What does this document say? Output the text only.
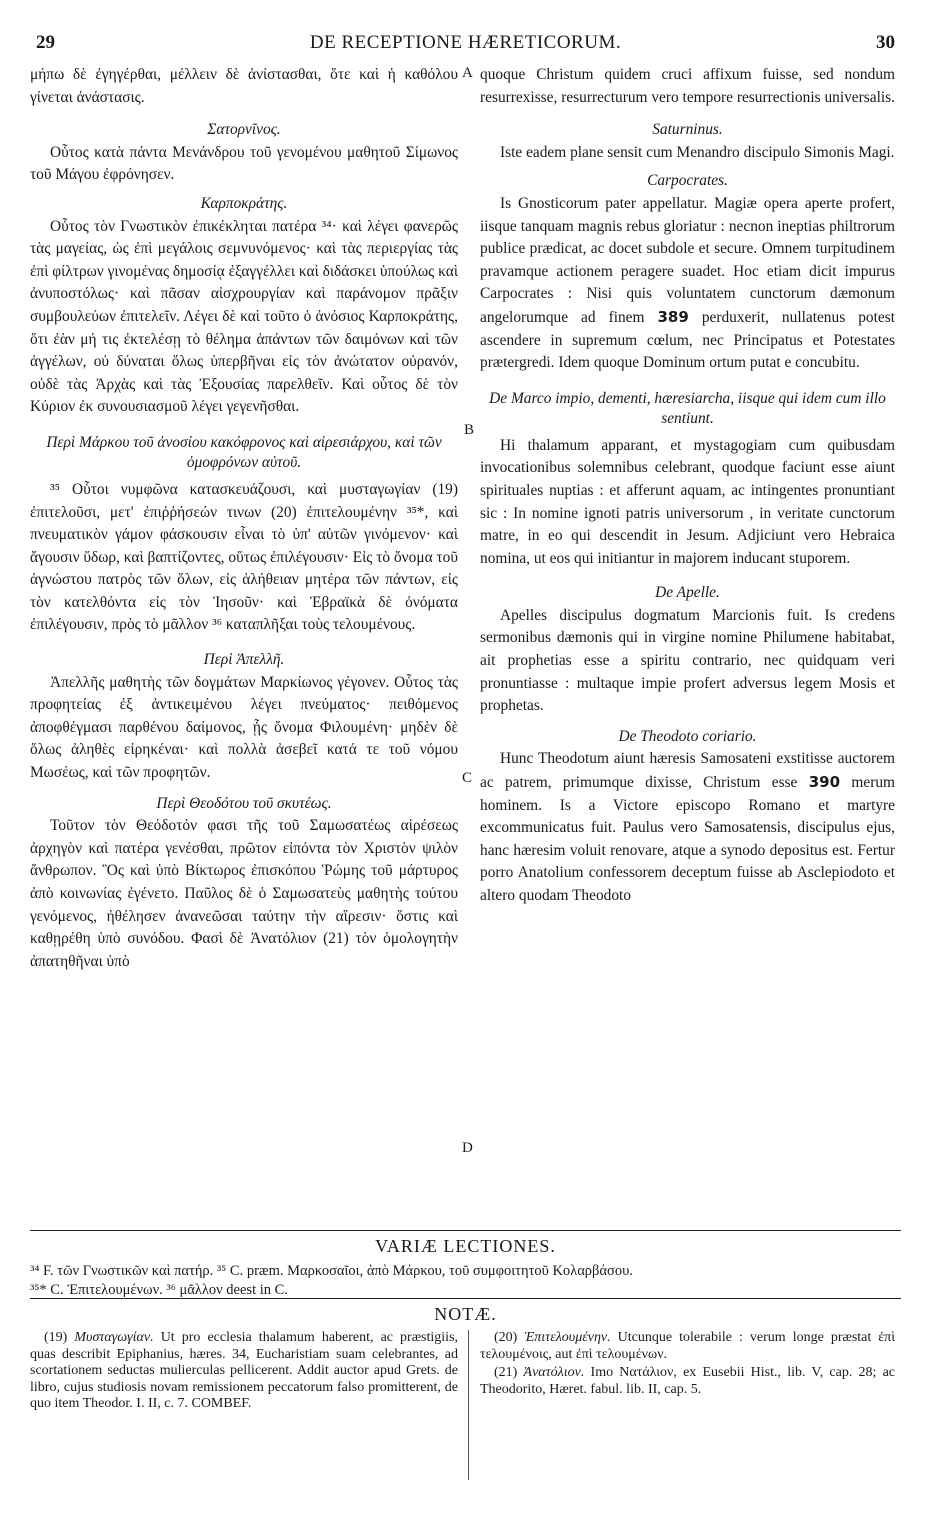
29	DE RECEPTIONE HÆRETICORUM.	30
A
B
C
D

μήπω δὲ ἐγηγέρθαι, μέλλειν δὲ ἀνίστασθαι, ὅτε καὶ ἡ καθόλου γίνεται ἀνάστασις.

Σατορνῖνος.

Οὗτος κατὰ πάντα Μενάνδρου τοῦ γενομένου μαθητοῦ Σίμωνος τοῦ Μάγου ἐφρόνησεν.

Καρποκράτης.

Οὗτος τὸν Γνωστικὸν ἐπικέκληται πατέρα ³⁴· καὶ λέγει φανερῶς τὰς μαγείας, ὡς ἐπὶ μεγάλοις σεμνυνόμενος· καὶ τὰς περιεργίας τὰς ἐπὶ φίλτρων γινομένας δημοσίᾳ ἐξαγγέλλει καὶ διδάσκει ὑπούλως καὶ ἀνυποστόλως· καὶ πᾶσαν αἰσχρουργίαν καὶ παράνομον πρᾶξιν συμβουλεύων ἐπιτελεῖν. Λέγει δὲ καὶ τοῦτο ὁ ἀνόσιος Καρποκράτης, ὅτι ἐὰν μή τις ἐκτελέσῃ τὸ θέλημα ἁπάντων τῶν δαιμόνων καὶ τῶν ἀγγέλων, οὐ δύναται ὅλως ὑπερβῆναι εἰς τὸν ἀνώτατον οὐρανόν, οὐδὲ τὰς Ἀρχὰς καὶ τὰς Ἐξουσίας παρελθεῖν. Καὶ οὗτος δὲ τὸν Κύριον ἐκ συνουσιασμοῦ λέγει γεγενῆσθαι.

Περὶ Μάρκου τοῦ ἀνοσίου κακόφρονος καὶ αἱρεσιάρχου, καὶ τῶν ὁμοφρόνων αὐτοῦ.

³⁵ Οὗτοι νυμφῶνα κατασκευάζουσι, καὶ μυσταγωγίαν (19) ἐπιτελοῦσι, μετ' ἐπιῤῥήσεών τινων (20) ἐπιτελουμένην ³⁵*, καὶ πνευματικὸν γάμον φάσκουσιν εἶναι τὸ ὑπ' αὐτῶν γινόμενον· καὶ ἄγουσιν ὕδωρ, καὶ βαπτίζοντες, οὕτως ἐπιλέγουσιν· Εἰς τὸ ὄνομα τοῦ ἀγνώστου πατρὸς τῶν ὅλων, εἰς ἀλήθειαν μητέρα τῶν πάντων, εἰς τὸν κατελθόντα εἰς τὸν Ἰησοῦν· καὶ Ἑβραϊκὰ δὲ ὀνόματα ἐπιλέγουσιν, πρὸς τὸ μᾶλλον ³⁶ καταπλῆξαι τοὺς τελουμένους.

Περὶ Ἀπελλῆ.

Ἀπελλῆς μαθητὴς τῶν δογμάτων Μαρκίωνος γέγονεν. Οὗτος τὰς προφητείας ἐξ ἀντικειμένου λέγει πνεύματος· πειθόμενος ἀποφθέγμασι παρθένου δαίμονος, ᾗς ὄνομα Φιλουμένη· μηδὲν δὲ ὅλως ἀληθὲς εἰρηκέναι· καὶ πολλὰ ἀσεβεῖ κατά τε τοῦ νόμου Μωσέως, καὶ τῶν προφητῶν.

Περὶ Θεοδότου τοῦ σκυτέως.

Τοῦτον τὸν Θεόδοτόν φασι τῆς τοῦ Σαμωσατέως αἱρέσεως ἀρχηγὸν καὶ πατέρα γενέσθαι, πρῶτον εἰπόντα τὸν Χριστὸν ψιλὸν ἄνθρωπον. Ὃς καὶ ὑπὸ Βίκτωρος ἐπισκόπου Ῥώμης τοῦ μάρτυρος ἀπὸ κοινωνίας ἐγένετο. Παῦλος δὲ ὁ Σαμωσατεὺς μαθητὴς τούτου γενόμενος, ἠθέλησεν ἀνανεῶσαι ταύτην τὴν αἵρεσιν· ὅστις καὶ καθῃρέθη ὑπὸ συνόδου. Φασὶ δὲ Ἀνατόλιον (21) τὸν ὁμολογητὴν ἀπατηθῆναι ὑπὸ

quoque Christum quidem cruci affixum fuisse, sed nondum resurrexisse, resurrecturum vero tempore resurrectionis universalis.

Saturninus.

Iste eadem plane sensit cum Menandro discipulo Simonis Magi.

Carpocrates.

Is Gnosticorum pater appellatur. Magiæ opera aperte profert, iisque tanquam magnis rebus gloriatur : necnon ineptias philtrorum publice prædicat, ac docet subdole et secure. Omnem turpitudinem pravamque actionem peragere suadet. Hoc etiam dicit impurus Carpocrates : Nisi quis voluntatem cunctorum dæmonum angelorumque ad finem 389 perduxerit, nullatenus potest ascendere in supremum cœlum, nec Principatus et Potestates prætergredi. Idem quoque Dominum ortum putat e concubitu.

De Marco impio, dementi, hæresiarcha, iisque qui idem cum illo sentiunt.

Hi thalamum apparant, et mystagogiam cum quibusdam invocationibus solemnibus celebrant, quodque faciunt esse aiunt spirituales nuptias : et afferunt aquam, ac intingentes pronuntiant sic : In nomine ignoti patris universorum , in veritate cunctorum matre, in eo qui descendit in Jesum. Adjiciunt vero Hebraica nomina, ut eos qui initiantur in majorem inducant stuporem.

De Apelle.

Apelles discipulus dogmatum Marcionis fuit. Is credens sermonibus dæmonis qui in virgine nomine Philumene habitabat, ait prophetias esse a spiritu contrario, nec quidquam veri pronuntiasse : multaque impie profert adversus legem Mosis et prophetas.

De Theodoto coriario.

Hunc Theodotum aiunt hæresis Samosateni exstitisse auctorem ac patrem, primumque dixisse, Christum esse 390 merum hominem. Is a Victore episcopo Romano et martyre excommunicatus fuit. Paulus vero Samosatensis, discipulus ejus, hanc hæresim voluit renovare, atque a synodo depositus est. Fertur porro Anatolium confessorem deceptum fuisse ab Asclepiodoto et altero quodam Theodoto

VARIÆ LECTIONES.

³⁴ F. τῶν Γνωστικῶν καὶ πατήρ. ³⁵ C. præm. Μαρκοσαῖοι, ἀπὸ Μάρκου, τοῦ συμφοιτητοῦ Κολαρβάσου.

³⁵* C. Ἐπιτελουμένων. ³⁶ μᾶλλον deest in C.

NOTÆ.

(19) Μυσταγωγίαν. Ut pro ecclesia thalamum haberent, ac præstigiis, quas describit Epiphanius, hæres. 34, Eucharistiam suam celebrantes, ad scortationem seductas mulierculas pellicerent. Addit auctor apud Grets. de libro, cujus studiosis novam remissionem peccatorum falso promitterent, de quo item Theodor. I. II, c. 7. COMBEF.

(20) Ἐπιτελουμένην. Utcunque tolerabile : verum longe præstat ἐπὶ τελουμένοις, aut ἐπὶ τελουμένων.

(21) Ἀνατόλιον. Imo Νατάλιον, ex Eusebii Hist., lib. V, cap. 28; ac Theodorito, Hæret. fabul. lib. II, cap. 5.
